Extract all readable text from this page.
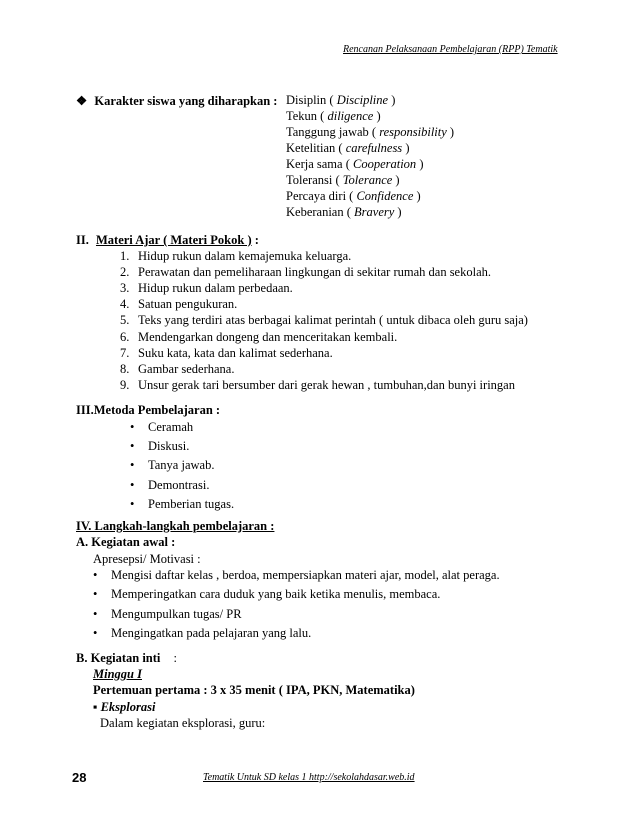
Rencanan Pelaksanaan Pembelajaran (RPP) Tematik
❖ Karakter siswa yang diharapkan : Disiplin ( Discipline )
Tekun ( diligence )
Tanggung jawab ( responsibility )
Ketelitian ( carefulness )
Kerja sama ( Cooperation )
Toleransi ( Tolerance )
Percaya diri ( Confidence )
Keberanian ( Bravery )
II. Materi Ajar ( Materi Pokok ) :
1. Hidup rukun dalam kemajemuka keluarga.
2. Perawatan dan pemeliharaan lingkungan di sekitar rumah dan sekolah.
3. Hidup rukun dalam perbedaan.
4. Satuan pengukuran.
5. Teks yang terdiri atas berbagai kalimat perintah ( untuk dibaca oleh guru saja)
6. Mendengarkan dongeng dan menceritakan kembali.
7. Suku kata, kata dan kalimat sederhana.
8. Gambar sederhana.
9. Unsur gerak tari bersumber dari gerak hewan , tumbuhan,dan bunyi iringan
III.Metoda Pembelajaran :
• Ceramah
• Diskusi.
• Tanya jawab.
• Demontrasi.
• Pemberian tugas.
IV. Langkah-langkah pembelajaran :
A. Kegiatan awal :
Apresepsi/ Motivasi :
• Mengisi daftar kelas , berdoa, mempersiapkan materi ajar, model, alat peraga.
• Memperingatkan cara duduk yang baik ketika menulis, membaca.
• Mengumpulkan tugas/ PR
• Mengingatkan pada pelajaran yang lalu.
B. Kegiatan inti :
Minggu I
Pertemuan pertama : 3 x 35 menit ( IPA, PKN, Matematika)
▪ Eksplorasi
Dalam kegiatan eksplorasi, guru:
28	Tematik Untuk SD kelas 1 http://sekolahdasar.web.id
